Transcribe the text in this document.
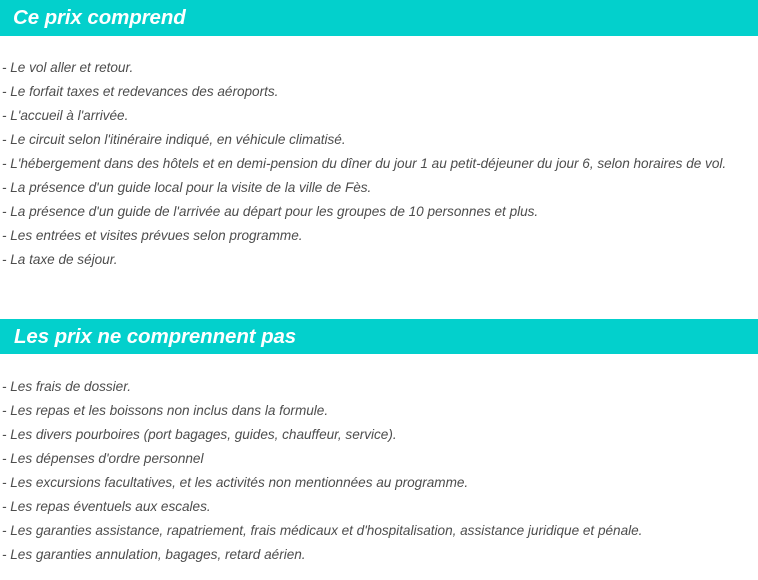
Ce prix comprend
- Le vol aller et retour.
- Le forfait taxes et redevances des aéroports.
- L'accueil à l'arrivée.
- Le circuit selon l'itinéraire indiqué, en véhicule climatisé.
- L'hébergement dans des hôtels et en demi-pension du dîner du jour 1 au petit-déjeuner du jour 6, selon horaires de vol.
- La présence d'un guide local pour la visite de la ville de Fès.
- La présence d'un guide de l'arrivée au départ pour les groupes de 10 personnes et plus.
- Les entrées et visites prévues selon programme.
- La taxe de séjour.
Les prix ne comprennent pas
- Les frais de dossier.
- Les repas et les boissons non inclus dans la formule.
- Les divers pourboires (port bagages, guides, chauffeur, service).
- Les dépenses d'ordre personnel
- Les excursions facultatives, et les activités non mentionnées au programme.
- Les repas éventuels aux escales.
- Les garanties assistance, rapatriement, frais médicaux et d'hospitalisation, assistance juridique et pénale.
- Les garanties annulation, bagages, retard aérien.
